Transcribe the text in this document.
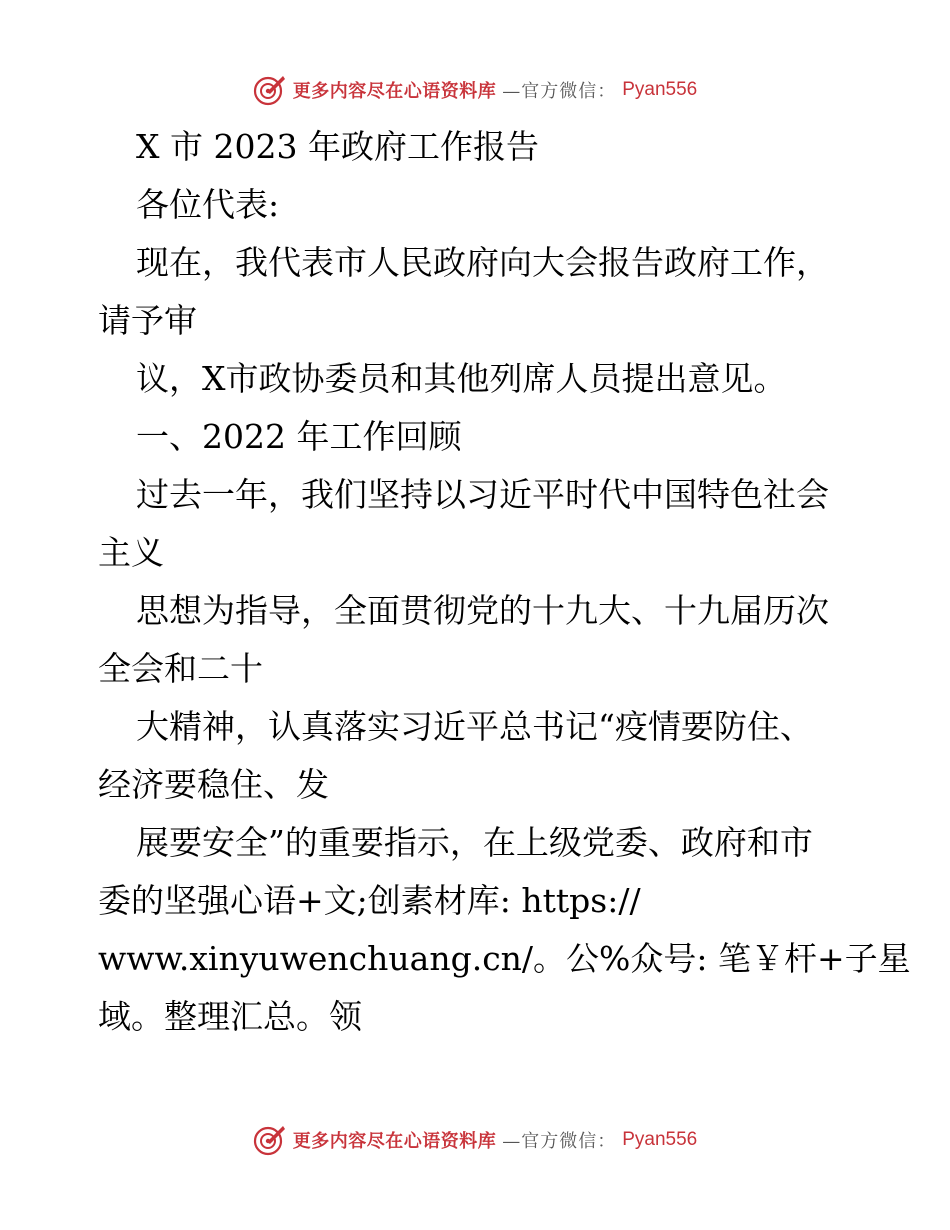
更多内容尽在心语资料库 —官方微信： Pyan556
X 市 2023 年政府工作报告
各位代表:
现在，我代表市人民政府向大会报告政府工作，
请予审
议，X市政协委员和其他列席人员提出意见。
一、2022 年工作回顾
过去一年，我们坚持以习近平时代中国特色社会
主义
思想为指导，全面贯彻党的十九大、十九届历次
全会和二十
大精神，认真落实习近平总书记“疫情要防住、
经济要稳住、发
展要安全”的重要指示，在上级党委、政府和市
委的坚强心语+文;创素材库: https://
www.xinyuwenchuang.cn/。公%众号: 笔￥杆+子星
域。整理汇总。领
更多内容尽在心语资料库 —官方微信： Pyan556
